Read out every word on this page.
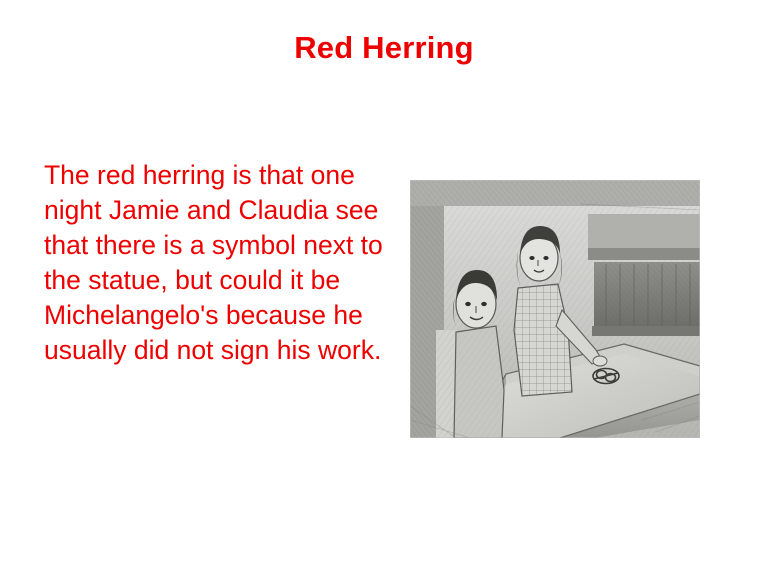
Red Herring
The red herring is that one night Jamie and Claudia see that there is a symbol next to the statue, but could it be Michelangelo's because he usually did not sign his work.
